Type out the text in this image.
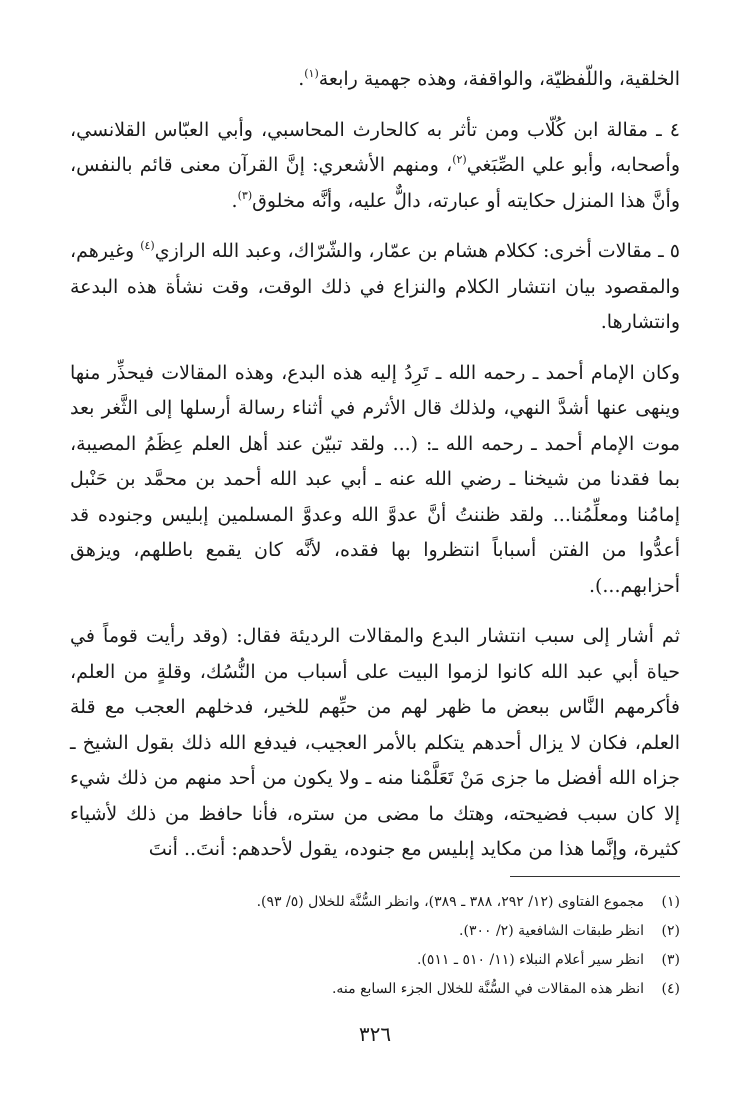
الخلقية، واللّفظيّة، والواقفة، وهذه جهمية رابعة$^{(١)}$.

٤ ـ مقالة ابن كُلّاب ومن تأثر به كالحارث المحاسبي، وأبي العبّاس القلانسي، وأصحابه، وأبو علي الصِّبَغي$^{(٢)}$، ومنهم الأشعري: إنَّ القرآن معنى قائم بالنفس، وأنَّ هذا المنزل حكايته أو عبارته، دالٌّ عليه، وأنَّه مخلوق$^{(٣)}$.

٥ ـ مقالات أخرى: ككلام هشام بن عمّار، والشّرّاك، وعبد الله الرازي$^{(٤)}$ وغيرهم، والمقصود بيان انتشار الكلام والنزاع في ذلك الوقت، وقت نشأة هذه البدعة وانتشارها.

وكان الإمام أحمد ـ رحمه الله ـ تَرِدُ إليه هذه البدع، وهذه المقالات فيحذِّر منها وينهى عنها أشدَّ النهي، ولذلك قال الأثرم في أثناء رسالة أرسلها إلى الثَّغر بعد موت الإمام أحمد ـ رحمه الله ـ: (... ولقد تبيّن عند أهل العلم عِظَمُ المصيبة، بما فقدنا من شيخنا ـ رضي الله عنه ـ أبي عبد الله أحمد بن محمَّد بن حَنْبل إمامُنا ومعلِّمُنا... ولقد ظننتُ أنَّ عدوَّ الله وعدوَّ المسلمين إبليس وجنوده قد أعدُّوا من الفتن أسباباً انتظروا بها فقده، لأنَّه كان يقمع باطلهم، ويزهق أحزابهم...).

ثم أشار إلى سبب انتشار البدع والمقالات الرديئة فقال: (وقد رأيت قوماً في حياة أبي عبد الله كانوا لزموا البيت على أسباب من النُّسُك، وقلةٍ من العلم، فأكرمهم النَّاس ببعض ما ظهر لهم من حبِّهم للخير، فدخلهم العجب مع قلة العلم، فكان لا يزال أحدهم يتكلم بالأمر العجيب، فيدفع الله ذلك بقول الشيخ ـ جزاه الله أفضل ما جزى مَنْ تَعَلَّمْنا منه ـ ولا يكون من أحد منهم من ذلك شيء إلا كان سبب فضيحته، وهتك ما مضى من ستره، فأنا حافظ من ذلك لأشياء كثيرة، وإنَّما هذا من مكايد إبليس مع جنوده، يقول لأحدهم: أنتَ.. أنتَ

(١)مجموع الفتاوى (١٢/ ٢٩٢، ٣٨٨ ـ ٣٨٩)، وانظر السُّنَّة للخلال (٥/ ٩٣).
(٢)انظر طبقات الشافعية (٢/ ٣٠٠).
(٣)انظر سير أعلام النبلاء (١١/ ٥١٠ ـ ٥١١).
(٤)انظر هذه المقالات في السُّنَّة للخلال الجزء السابع منه.
٣٢٦
